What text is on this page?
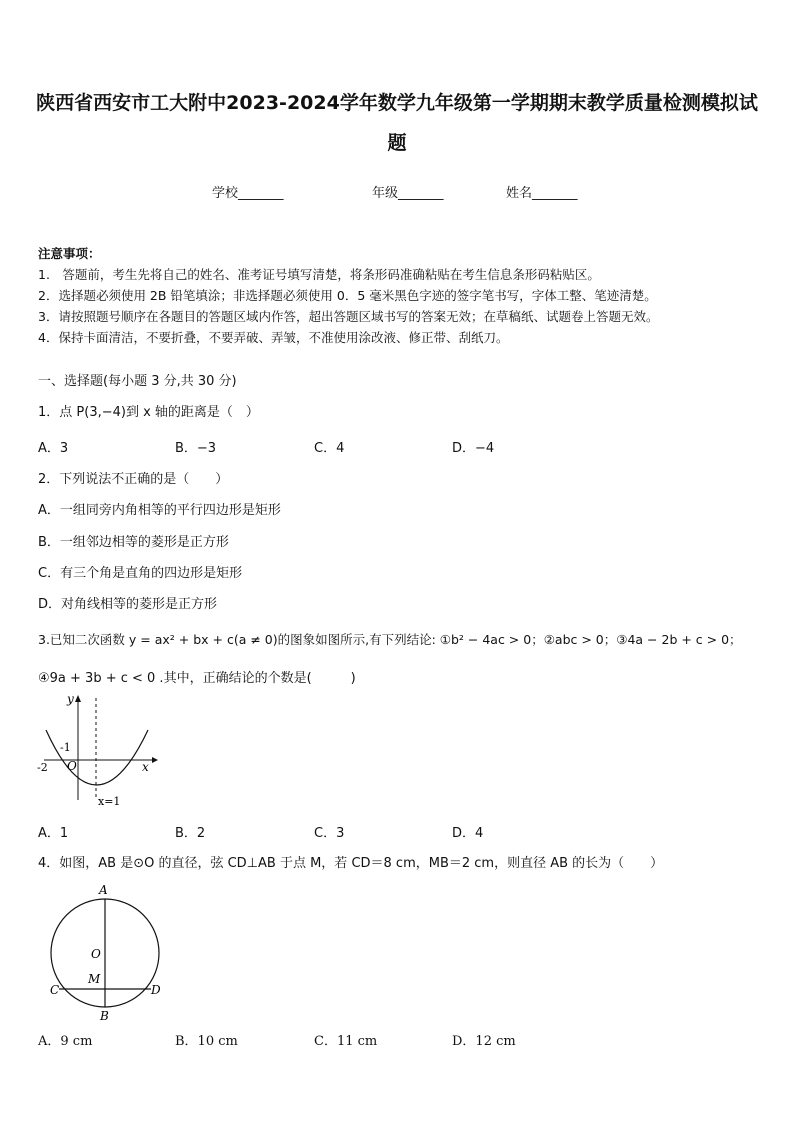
陕西省西安市工大附中2023-2024学年数学九年级第一学期期末教学质量检测模拟试
题
学校_______	年级_______	姓名_______
注意事项：
1.　答题前，考生先将自己的姓名、准考证号填写清楚，将条形码准确粘贴在考生信息条形码粘贴区。
2．选择题必须使用 2B 铅笔填涂；非选择题必须使用 0．5 毫米黑色字迹的签字笔书写，字体工整、笔迹清楚。
3．请按照题号顺序在各题目的答题区域内作答，超出答题区域书写的答案无效；在草稿纸、试题卷上答题无效。
4．保持卡面清洁，不要折叠，不要弄破、弄皱，不准使用涂改液、修正带、刮纸刀。
一、选择题(每小题 3 分,共 30 分)
1．点 P(3,−4)到 x 轴的距离是（　）
A．3	B．−3	C．4	D．−4
2．下列说法不正确的是（　　）
A．一组同旁内角相等的平行四边形是矩形
B．一组邻边相等的菱形是正方形
C．有三个角是直角的四边形是矩形
D．对角线相等的菱形是正方形
3.已知二次函数 y = ax² + bx + c(a ≠ 0)的图象如图所示,有下列结论: ①b² − 4ac > 0；②abc > 0；③4a − 2b + c > 0；
④9a + 3b + c < 0 .其中，正确结论的个数是(　　　)
y
x
O
-1
-2
x=1
A．1	B．2	C．3	D．4
4．如图，AB 是⊙O 的直径，弦 CD⊥AB 于点 M，若 CD＝8 cm，MB＝2 cm，则直径 AB 的长为（　　）
A
B
C	D
O
M
A．9 cm	B．10 cm	C．11 cm	D．12 cm
